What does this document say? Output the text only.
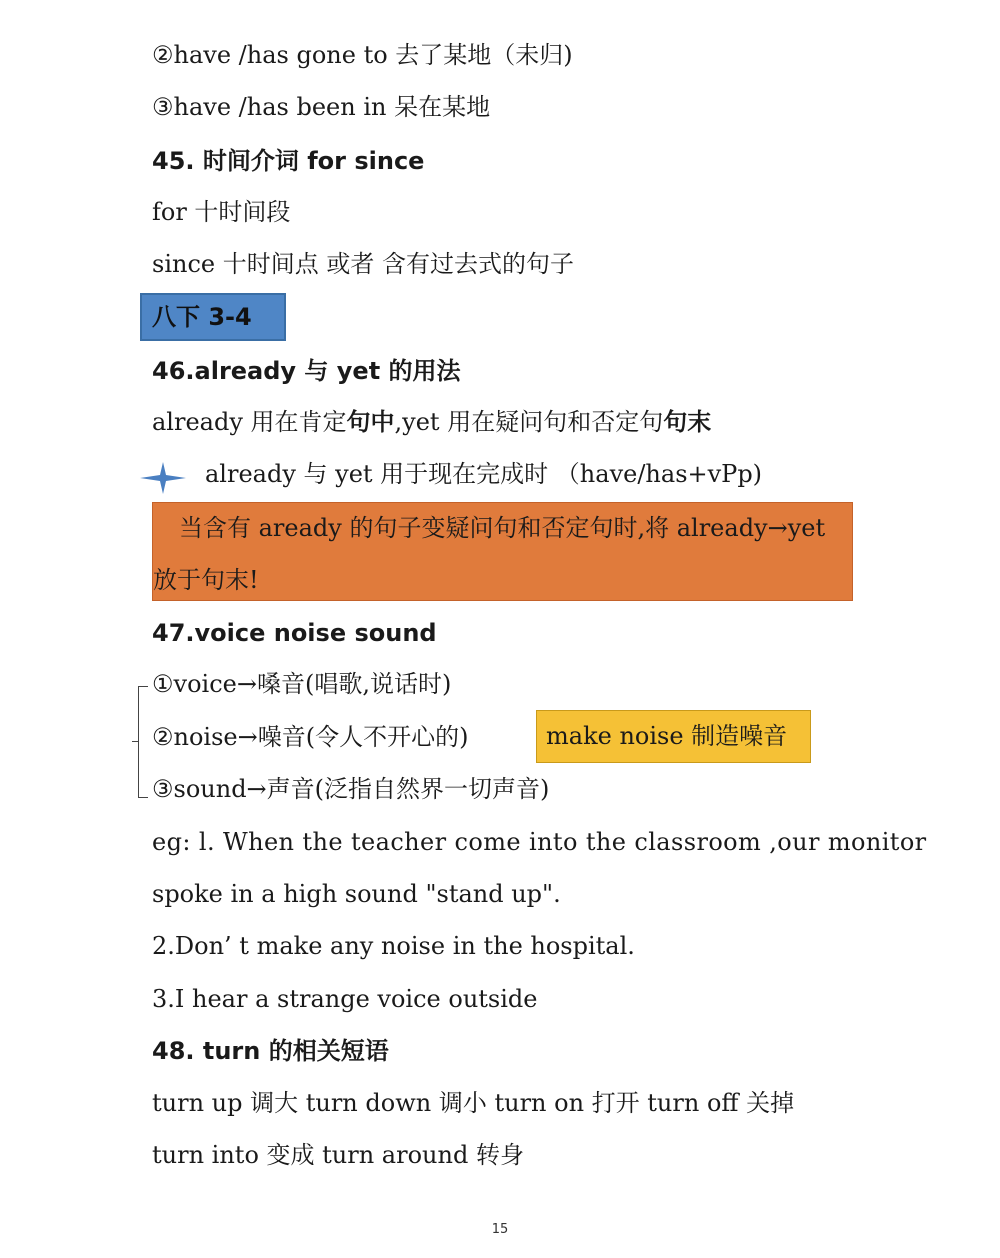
②have /has gone to 去了某地（未归)
③have /has been in 呆在某地
45. 时间介词 for since
for 十时间段
since 十时间点 或者 含有过去式的句子
八下 3-4
46.already 与 yet 的用法
already 用在肯定句中,yet 用在疑问句和否定句句末
already 与 yet 用于现在完成时 （have/has+vPp)
当含有 aready 的句子变疑问句和否定句时,将 already→yet
放于句末!
47.voice noise sound
①voice→嗓音(唱歌,说话时)
②noise→噪音(令人不开心的)	make noise 制造噪音
③sound→声音(泛指自然界一切声音)
eg: l. When the teacher come into the classroom ,our monitor
spoke in a high sound "stand up".
2.Don’ t make any noise in the hospital.
3.I hear a strange voice outside
48. turn 的相关短语
turn up 调大 turn down 调小 turn on 打开 turn off 关掉
turn into 变成 turn around 转身
15
